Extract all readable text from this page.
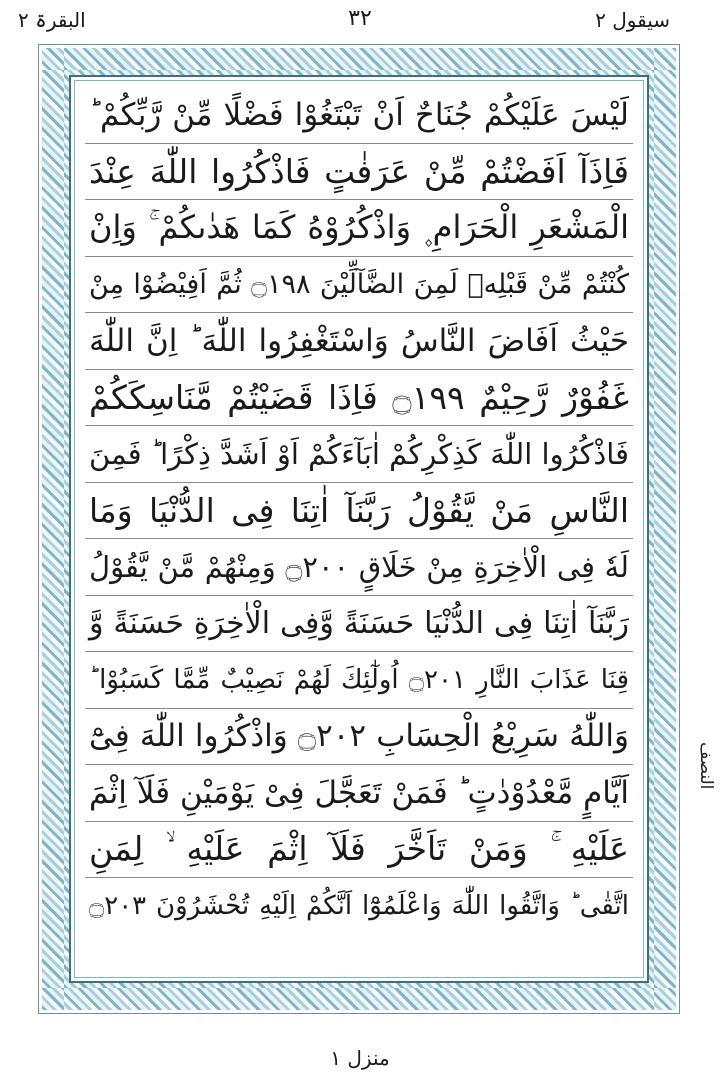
سیقول ۲
۳۲
البقرۃ ۲
لَيْسَ عَلَيْكُمْ جُنَاحٌ اَنْ تَبْتَغُوْا فَضْلًا مِّنْ رَّبِّكُمْ ؕ
فَاِذَآ اَفَضْتُمْ مِّنْ عَرَفٰتٍ فَاذْكُرُوا اللّٰهَ عِنْدَ
الْمَشْعَرِ الْحَرَامِ ۪ وَاذْكُرُوْهُ كَمَا هَدٰىكُمْ ۚ وَاِنْ
كُنْتُمْ مِّنْ قَبْلِهٖ لَمِنَ الضَّآلِّيْنَ ۝١٩٨ ثُمَّ اَفِيْضُوْا مِنْ
حَيْثُ اَفَاضَ النَّاسُ وَاسْتَغْفِرُوا اللّٰهَ ؕ اِنَّ اللّٰهَ
غَفُوْرٌ رَّحِيْمٌ ۝١٩٩ فَاِذَا قَضَيْتُمْ مَّنَاسِكَكُمْ
فَاذْكُرُوا اللّٰهَ كَذِكْرِكُمْ اٰبَآءَكُمْ اَوْ اَشَدَّ ذِكْرًا ؕ فَمِنَ
النَّاسِ مَنْ يَّقُوْلُ رَبَّنَآ اٰتِنَا فِى الدُّنْيَا وَمَا
لَهٗ فِى الْاٰخِرَةِ مِنْ خَلَاقٍ ۝٢٠٠ وَمِنْهُمْ مَّنْ يَّقُوْلُ
رَبَّنَآ اٰتِنَا فِى الدُّنْيَا حَسَنَةً وَّفِى الْاٰخِرَةِ حَسَنَةً وَّ
قِنَا عَذَابَ النَّارِ ۝٢٠١ اُولٰٓئِكَ لَهُمْ نَصِيْبٌ مِّمَّا كَسَبُوْا ؕ
وَاللّٰهُ سَرِيْعُ الْحِسَابِ ۝٢٠٢ وَاذْكُرُوا اللّٰهَ فِىْٓ
اَيَّامٍ مَّعْدُوْدٰتٍ ؕ فَمَنْ تَعَجَّلَ فِىْ يَوْمَيْنِ فَلَآ اِثْمَ
عَلَيْهِ ۚ وَمَنْ تَاَخَّرَ فَلَآ اِثْمَ عَلَيْهِ ۙ لِمَنِ
اتَّقٰى ؕ وَاتَّقُوا اللّٰهَ وَاعْلَمُوْٓا اَنَّكُمْ اِلَيْهِ تُحْشَرُوْنَ ۝٢٠٣
النصف
منزل ۱
